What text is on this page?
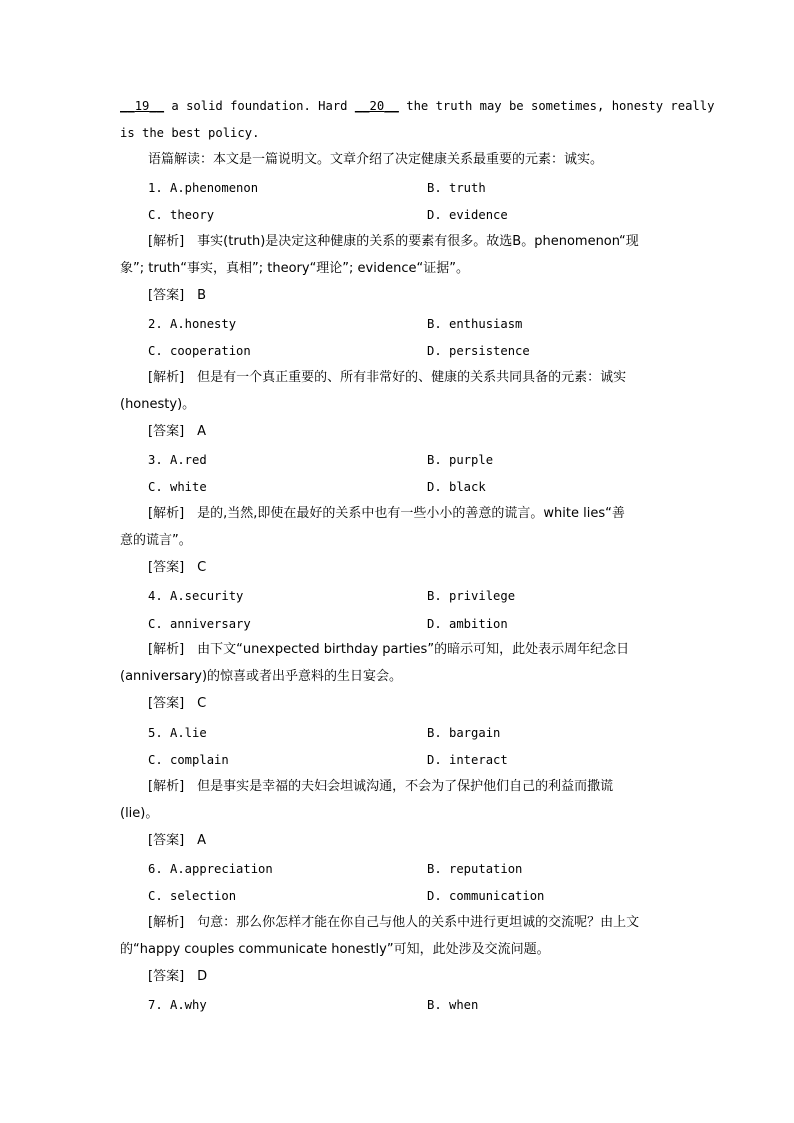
__19__ a solid foundation. Hard __20__ the truth may be sometimes, honesty really
is the best policy.
语篇解读：本文是一篇说明文。文章介绍了决定健康关系最重要的元素：诚实。
1. A.phenomenon	B. truth
C. theory	D. evidence
[解析]　事实(truth)是决定这种健康的关系的要素有很多。故选B。phenomenon“现
象”; truth“事实，真相”; theory“理论”; evidence“证据”。
[答案]　B
2. A.honesty	B. enthusiasm
C. cooperation	D. persistence
[解析]　但是有一个真正重要的、所有非常好的、健康的关系共同具备的元素：诚实
(honesty)。
[答案]　A
3. A.red	B. purple
C. white	D. black
[解析]　是的,当然,即使在最好的关系中也有一些小小的善意的谎言。white lies“善
意的谎言”。
[答案]　C
4. A.security	B. privilege
C. anniversary	D. ambition
[解析]　由下文“unexpected birthday parties”的暗示可知，此处表示周年纪念日
(anniversary)的惊喜或者出乎意料的生日宴会。
[答案]　C
5. A.lie	B. bargain
C. complain	D. interact
[解析]　但是事实是幸福的夫妇会坦诚沟通，不会为了保护他们自己的利益而撒谎
(lie)。
[答案]　A
6. A.appreciation	B. reputation
C. selection	D. communication
[解析]　句意：那么你怎样才能在你自己与他人的关系中进行更坦诚的交流呢？由上文
的“happy couples communicate honestly”可知，此处涉及交流问题。
[答案]　D
7. A.why	B. when
